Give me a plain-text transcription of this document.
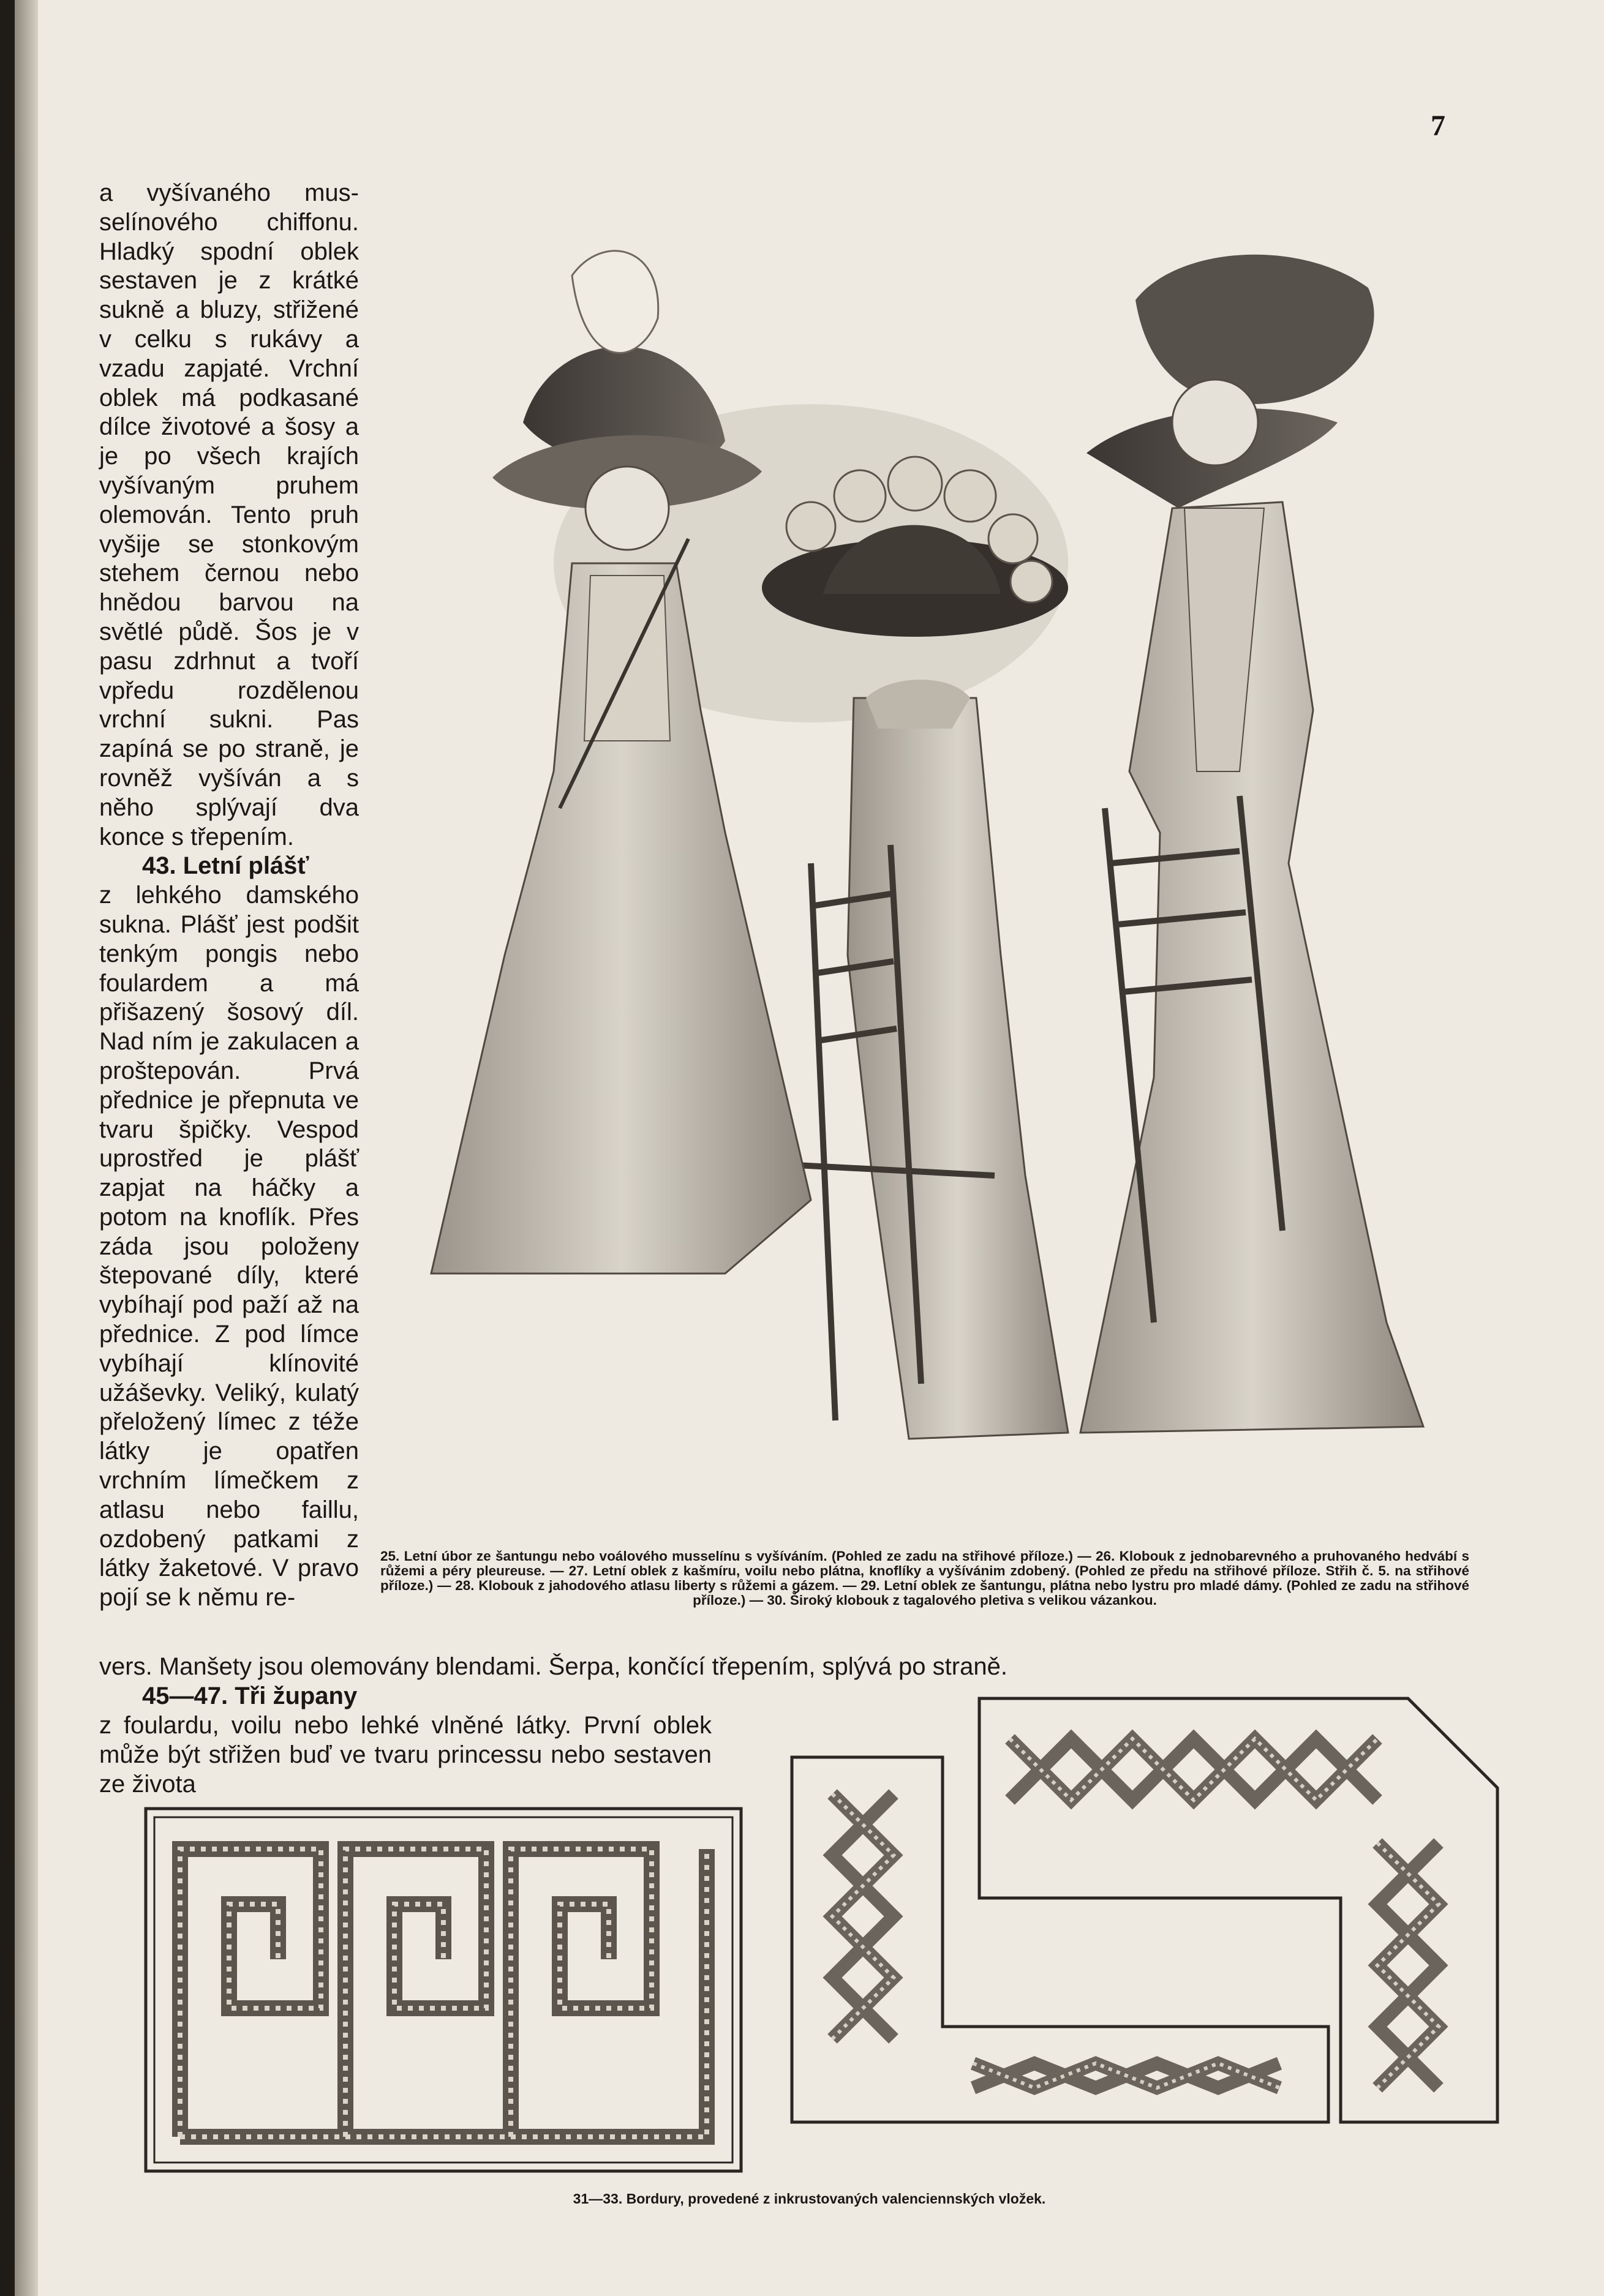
7

a vyšívaného musselínového chiffonu. Hladký spodní oblek sestaven je z krátké sukně a bluzy, střižené v celku s rukávy a vzadu zapjaté. Vrchní oblek má podkasané dílce životové a šosy a je po všech krajích vyšívaným pruhem olemován. Tento pruh vyšije se stonkovým stehem černou nebo hnědou barvou na světlé půdě. Šos je v pasu zdrhnut a tvoří vpředu rozdělenou vrchní sukni. Pas zapíná se po straně, je rovněž vyšíván a s něho splývají dva konce s třepením.

43. Letní plášť

z lehkého damského sukna. Plášť jest podšit tenkým pongis nebo foulardem a má přišazený šosový díl. Nad ním je zakulacen a proštepován. Prvá přednice je přepnuta ve tvaru špičky. Vespod uprostřed je plášť zapjat na háčky a potom na knoflík. Přes záda jsou položeny štepované díly, které vybíhají pod paží až na přednice. Z pod límce vybíhají klínovité užáševky. Veliký, kulatý přeložený límec z téže látky je opatřen vrchním límečkem z atlasu nebo faillu, ozdobený patkami z látky žaketové. V pravo pojí se k němu re-

25. Letní úbor ze šantungu nebo voálového musselínu s vyšíváním. (Pohled ze zadu na střihové příloze.) — 26. Klobouk z jednobarevného a pruhovaného hedvábí s růžemi a péry pleureuse. — 27. Letní oblek z kašmíru, voilu nebo plátna, knoflíky a vyšívánim zdobený. (Pohled ze předu na střihové příloze. Střih č. 5. na střihové příloze.) — 28. Klobouk z jahodového atlasu liberty s růžemi a gázem. — 29. Letní oblek ze šantungu, plátna nebo lystru pro mladé dámy. (Pohled ze zadu na střihové příloze.) — 30. Široký klobouk z tagalového pletiva s velikou vázankou.
vers. Manšety jsou olemovány blendami. Šerpa, končící třepením, splývá po straně.
45—47. Tři župany
z foulardu, voilu nebo lehké vlněné látky. První oblek může být střižen buď ve tvaru princessu nebo sestaven ze života
31—33. Bordury, provedené z inkrustovaných valenciennských vložek.
